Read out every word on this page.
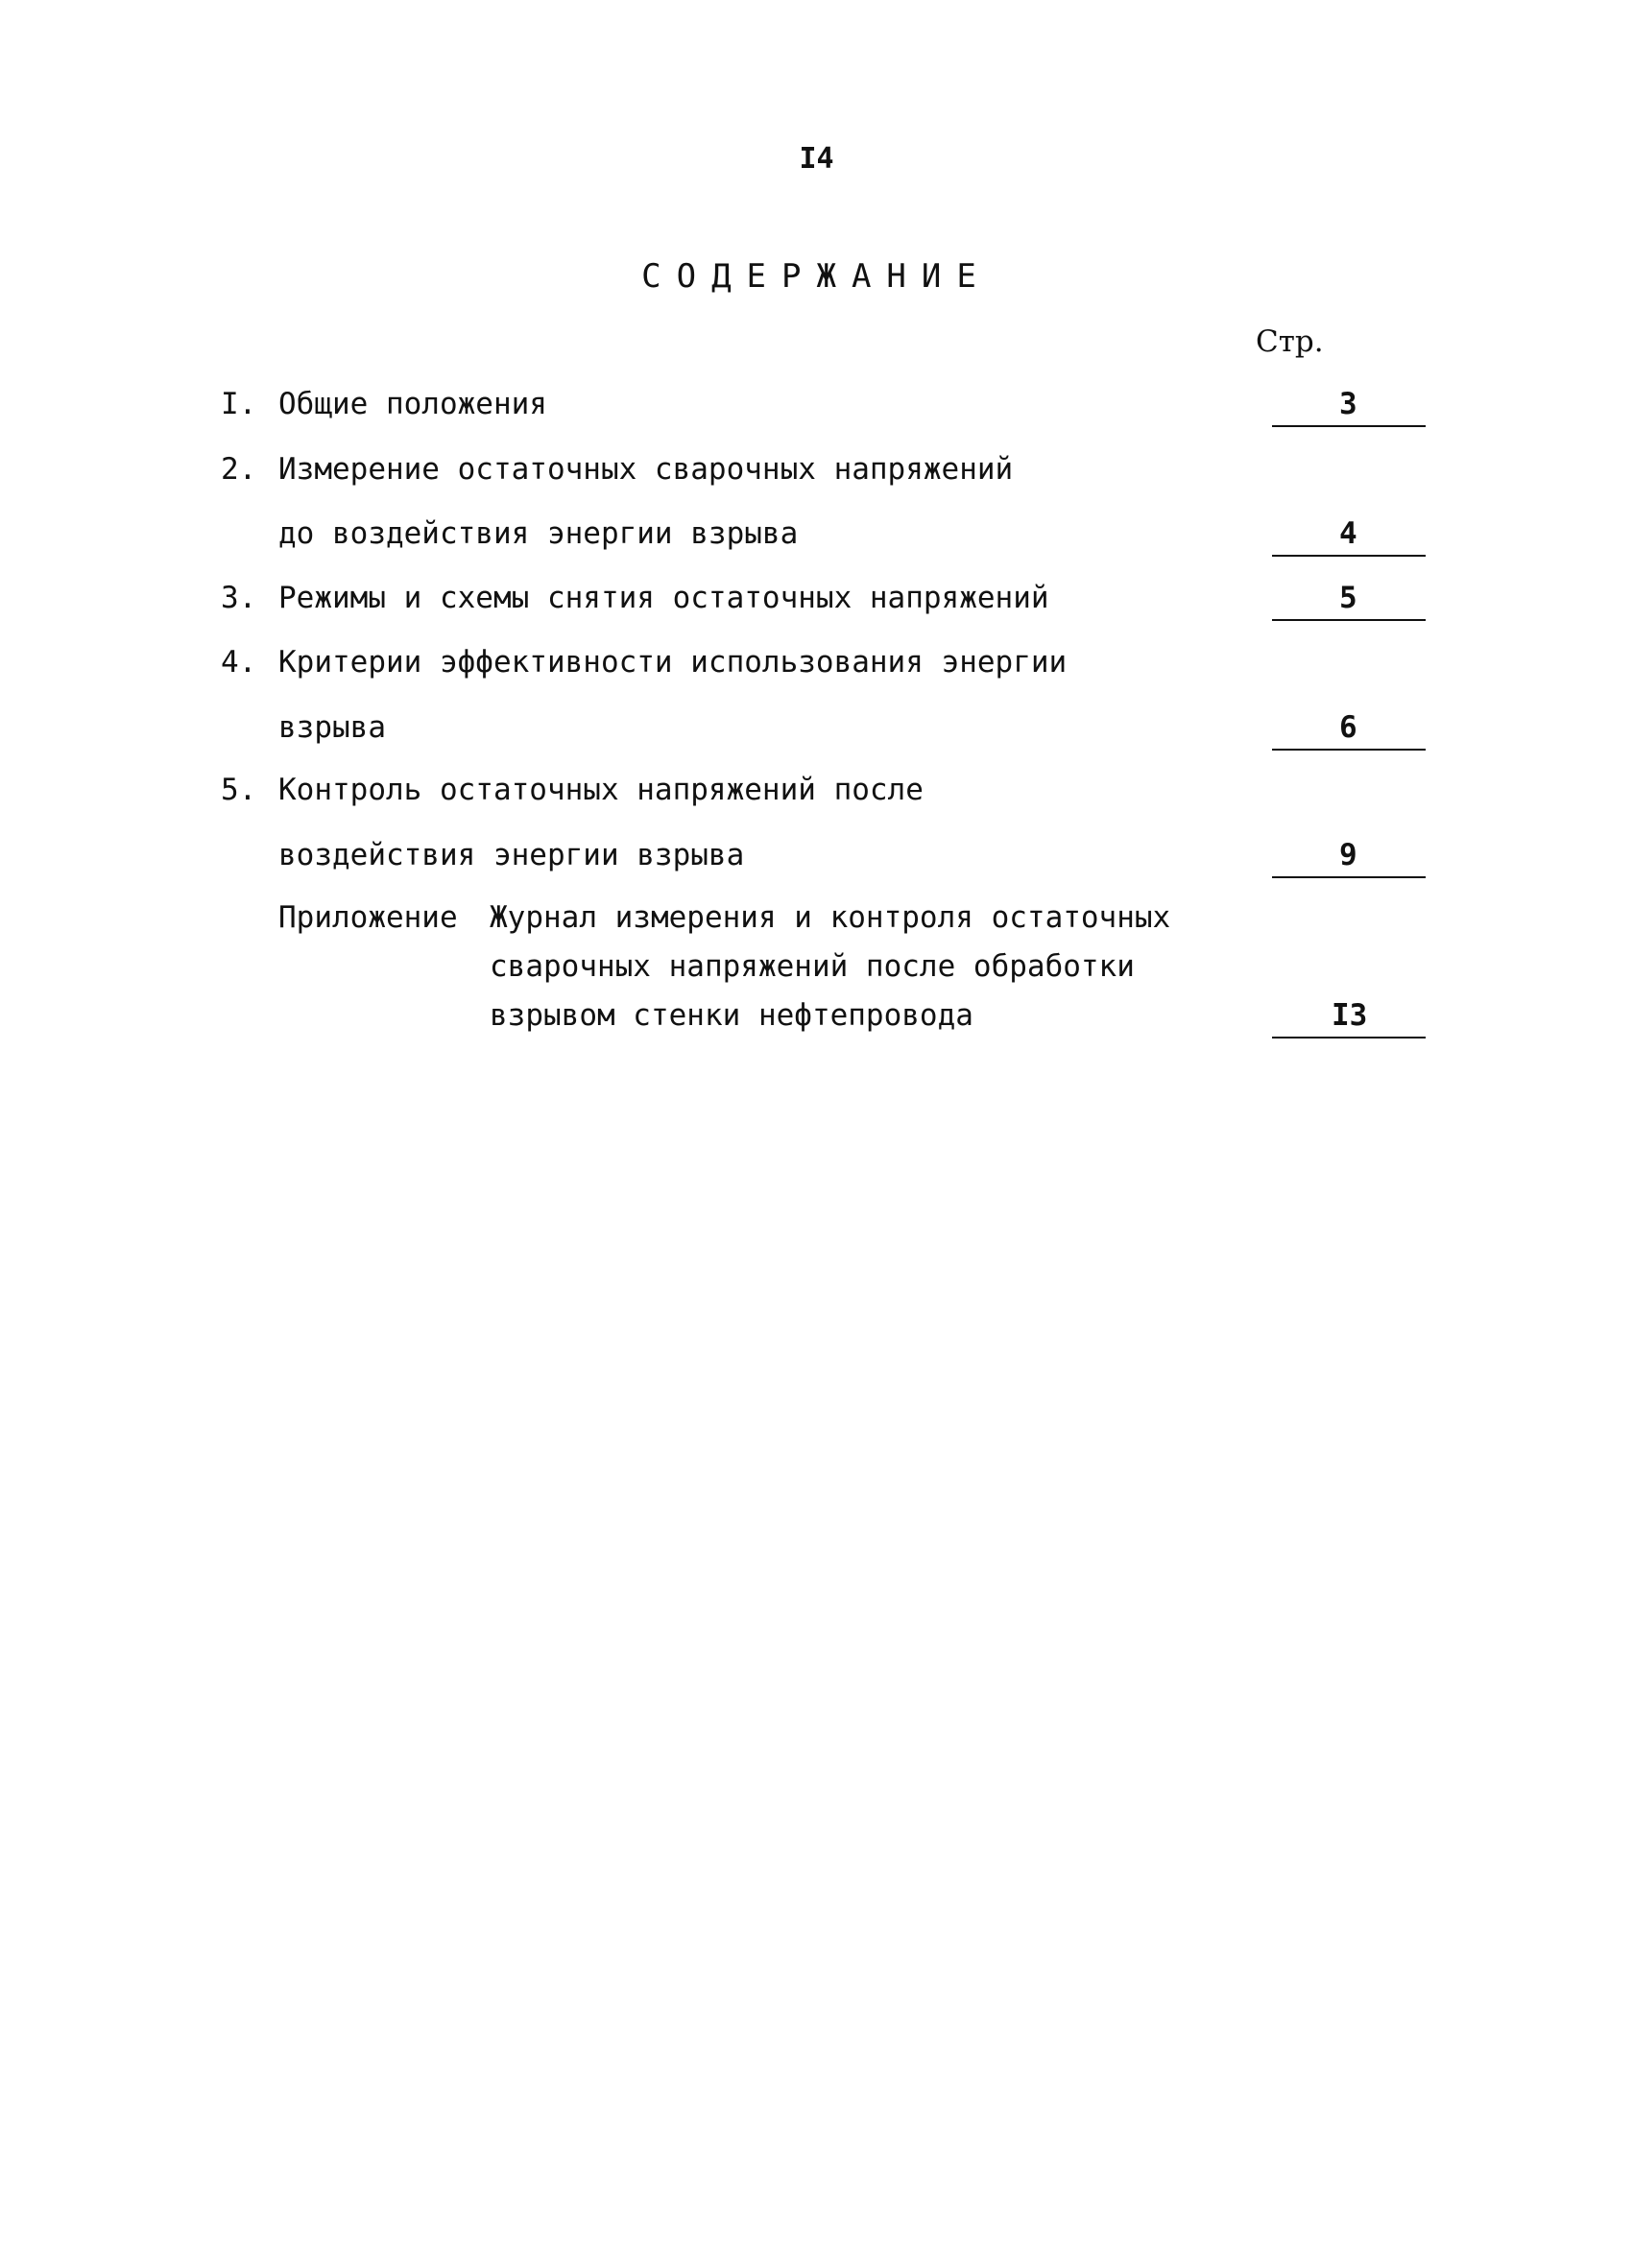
I4
СОДЕРЖАНИЕ
Стр.
I. Общие положения	3
2. Измерение остаточных сварочных напряжений
до воздействия энергии взрыва	4
3. Режимы и схемы снятия остаточных напряжений	5
4. Критерии эффективности использования энергии
взрыва	6
5. Контроль остаточных напряжений после
воздействия энергии взрыва	9
Приложение Журнал измерения и контроля остаточных
сварочных напряжений после обработки
взрывом стенки нефтепровода	I3
